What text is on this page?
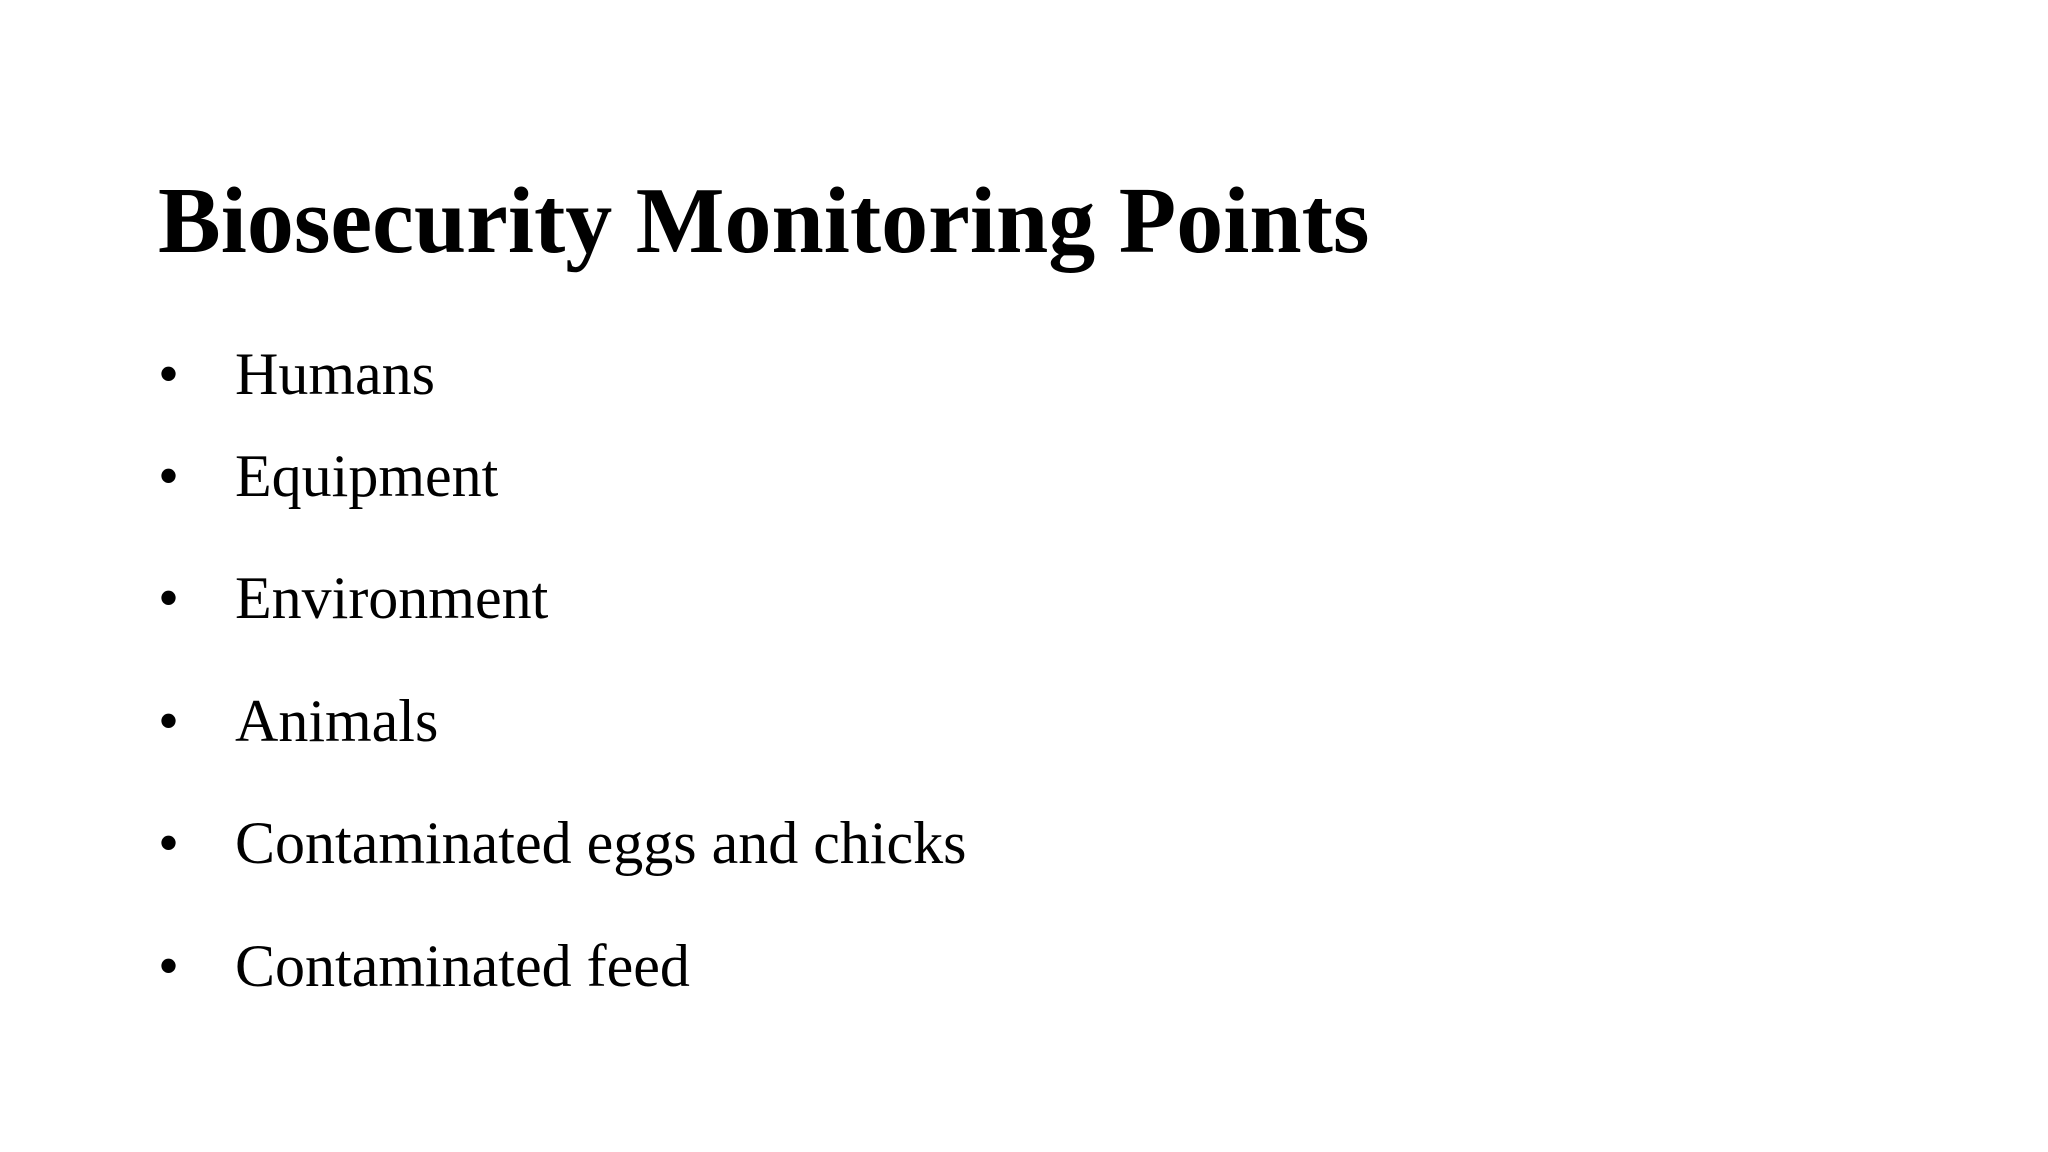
Biosecurity Monitoring Points
• Humans
• Equipment
• Environment
• Animals
• Contaminated eggs and chicks
• Contaminated feed
